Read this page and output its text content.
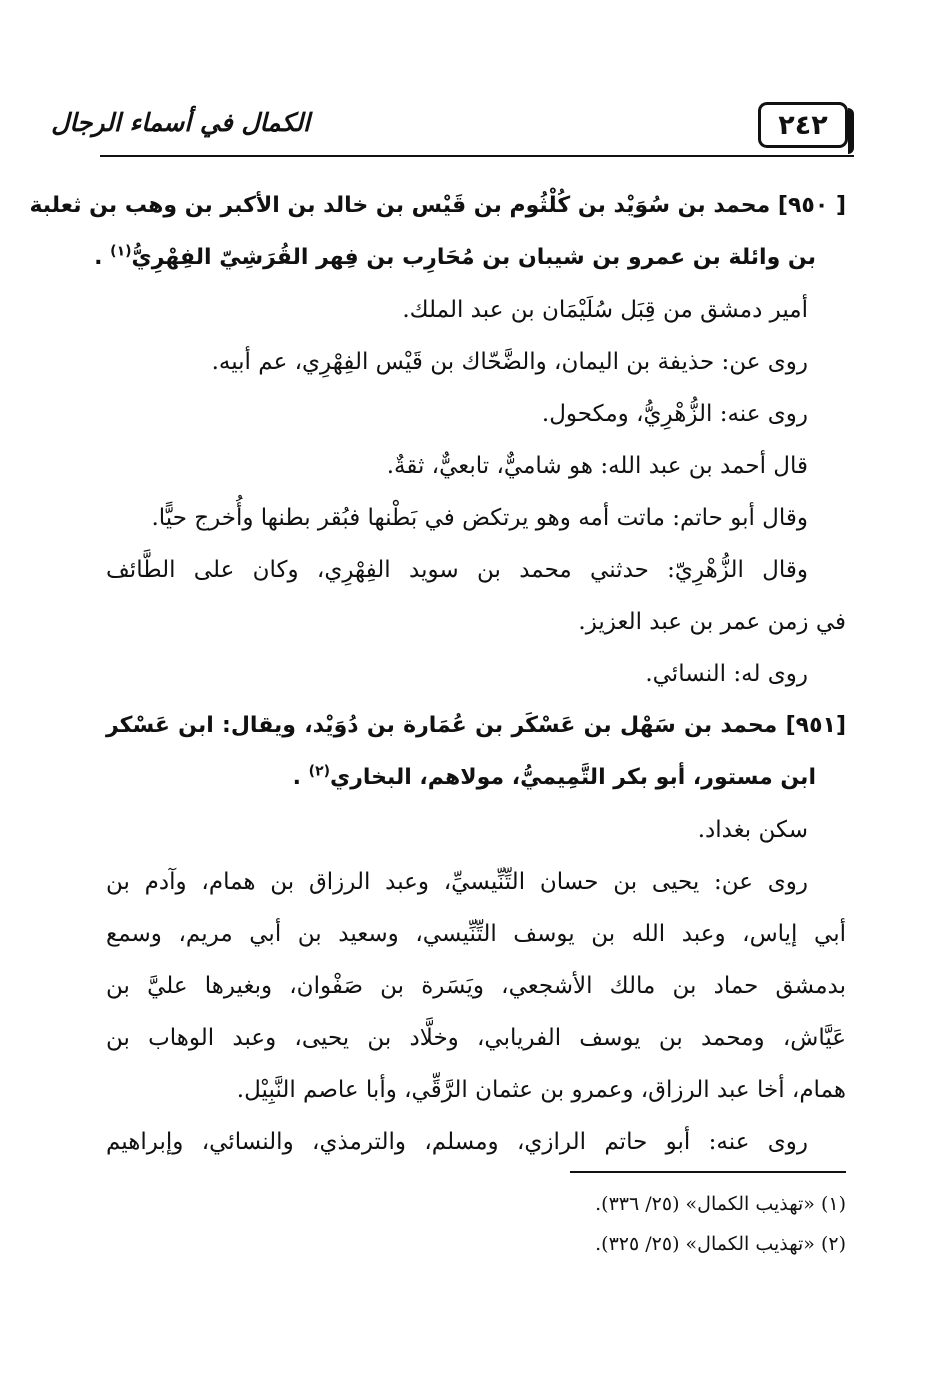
٢٤٢
الكمال في أسماء الرجال
[ ٩٥٠] محمد بن سُوَيْد بن كُلْثُوم بن قَيْس بن خالد بن الأكبر بن وهب بن ثعلبة
بن وائلة بن عمرو بن شيبان بن مُحَارِب بن فِهر القُرَشِيّ الفِهْرِيُّ$^{(١)}$ .
أمير دمشق من قِبَل سُلَيْمَان بن عبد الملك.
روى عن: حذيفة بن اليمان، والضَّحّاك بن قَيْس الفِهْرِي، عم أبيه.
روى عنه: الزُّهْرِيُّ، ومكحول.
قال أحمد بن عبد الله: هو شاميٌّ، تابعيٌّ، ثقةٌ.
وقال أبو حاتم: ماتت أمه وهو يرتكض في بَطْنها فبُقر بطنها وأُخرج حيًّا.
وقال الزُّهْرِيّ: حدثني محمد بن سويد الفِهْرِي، وكان على الطَّائف
في زمن عمر بن عبد العزيز.
روى له: النسائي.
[٩٥١] محمد بن سَهْل بن عَسْكَر بن عُمَارة بن دُوَيْد، ويقال: ابن عَسْكر
ابن مستور، أبو بكر التَّمِيميُّ، مولاهم، البخاري$^{(٢)}$ .
سكن بغداد.
روى عن: يحيى بن حسان التِّنِّيسيِّ، وعبد الرزاق بن همام، وآدم بن
أبي إياس، وعبد الله بن يوسف التِّنِّيسي، وسعيد بن أبي مريم، وسمع
بدمشق حماد بن مالك الأشجعي، ويَسَرة بن صَفْوان، وبغيرها عليَّ بن
عَيَّاش، ومحمد بن يوسف الفريابي، وخلَّاد بن يحيى، وعبد الوهاب بن
همام، أخا عبد الرزاق، وعمرو بن عثمان الرَّقِّي، وأبا عاصم النَّبِيْل.
روى عنه: أبو حاتم الرازي، ومسلم، والترمذي، والنسائي، وإبراهيم
(١) «تهذيب الكمال» (٢٥/ ٣٣٦).
(٢) «تهذيب الكمال» (٢٥/ ٣٢٥).
